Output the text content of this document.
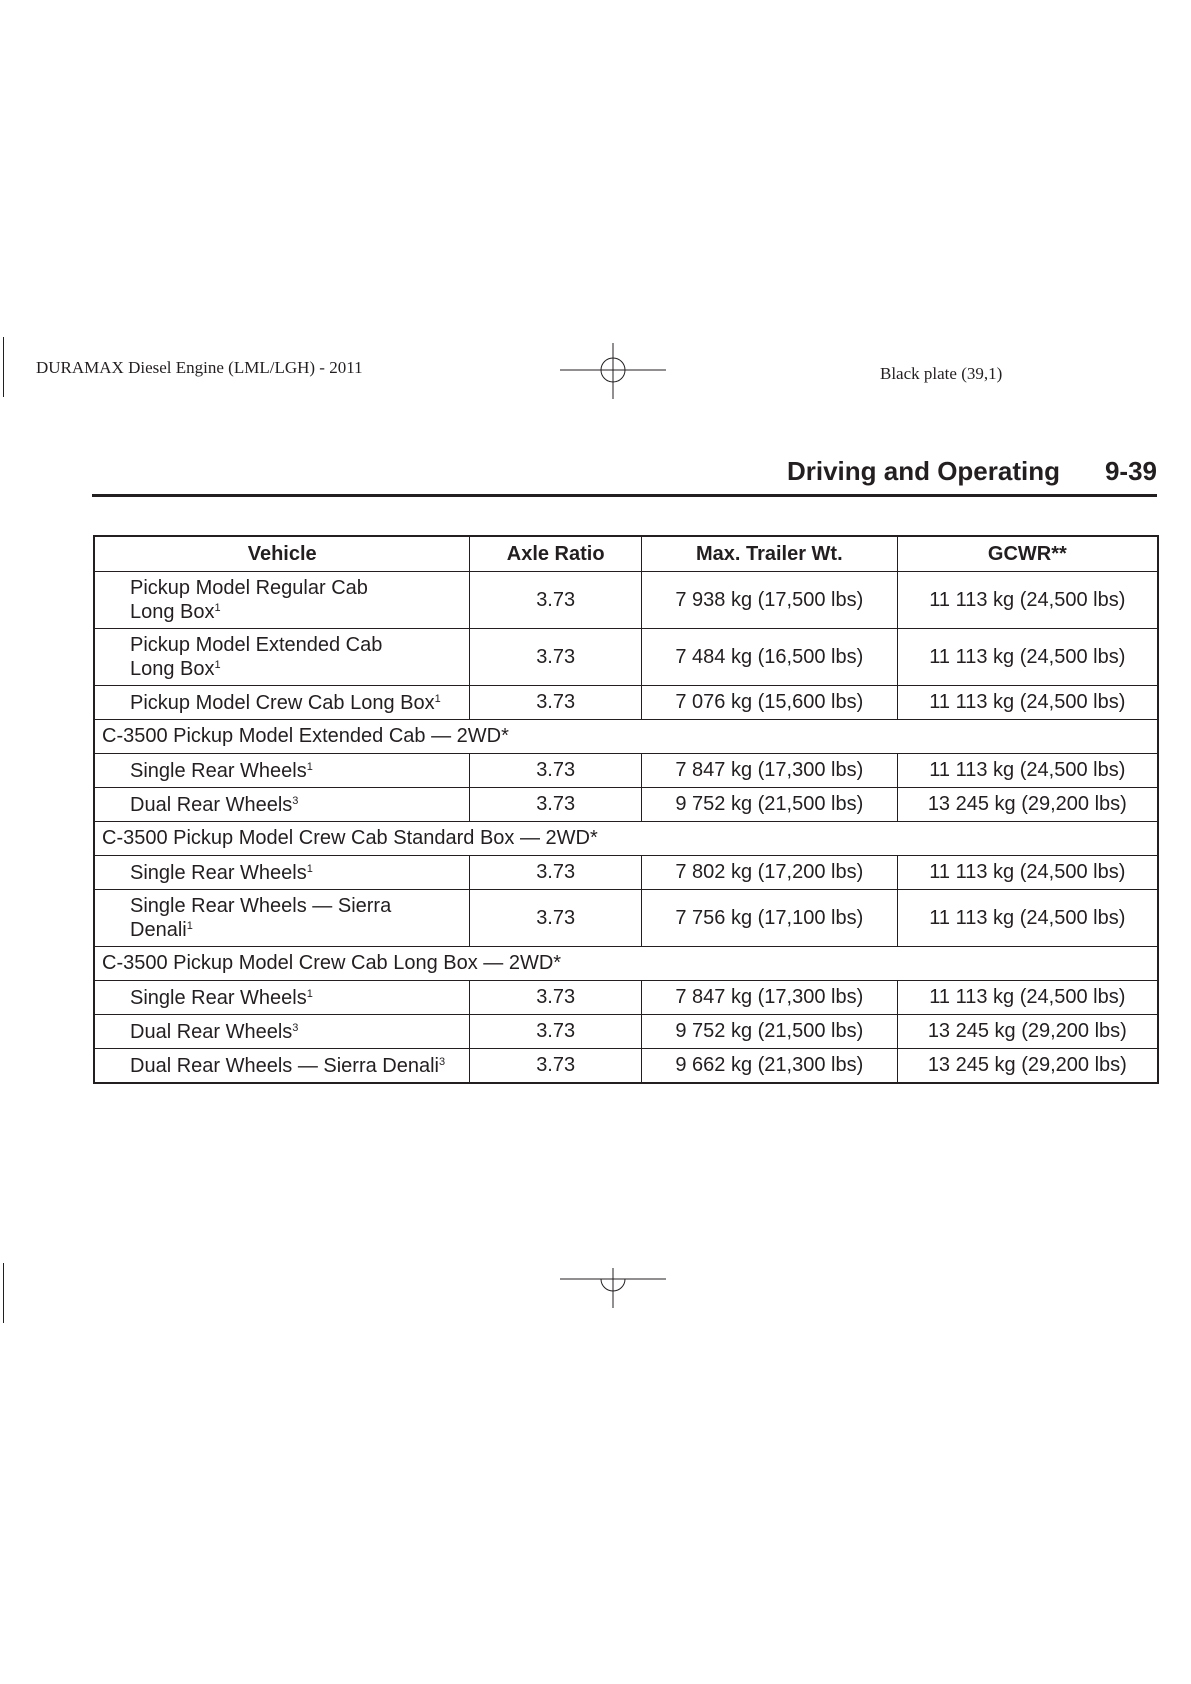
DURAMAX Diesel Engine (LML/LGH) - 2011	Black plate (39,1)
Driving and Operating 9-39
Vehicle	Axle Ratio	Max. Trailer Wt.	GCWR**
Pickup Model Regular Cab
Long Box$^1$	3.73	7 938 kg (17,500 lbs)	11 113 kg (24,500 lbs)
Pickup Model Extended Cab
Long Box$^1$	3.73	7 484 kg (16,500 lbs)	11 113 kg (24,500 lbs)
Pickup Model Crew Cab Long Box$^1$	3.73	7 076 kg (15,600 lbs)	11 113 kg (24,500 lbs)
C-3500 Pickup Model Extended Cab — 2WD*			
Single Rear Wheels$^1$	3.73	7 847 kg (17,300 lbs)	11 113 kg (24,500 lbs)
Dual Rear Wheels$^3$	3.73	9 752 kg (21,500 lbs)	13 245 kg (29,200 lbs)
C-3500 Pickup Model Crew Cab Standard Box — 2WD*			
Single Rear Wheels$^1$	3.73	7 802 kg (17,200 lbs)	11 113 kg (24,500 lbs)
Single Rear Wheels — Sierra
Denali$^1$	3.73	7 756 kg (17,100 lbs)	11 113 kg (24,500 lbs)
C-3500 Pickup Model Crew Cab Long Box — 2WD*			
Single Rear Wheels$^1$	3.73	7 847 kg (17,300 lbs)	11 113 kg (24,500 lbs)
Dual Rear Wheels$^3$	3.73	9 752 kg (21,500 lbs)	13 245 kg (29,200 lbs)
Dual Rear Wheels — Sierra Denali$^3$	3.73	9 662 kg (21,300 lbs)	13 245 kg (29,200 lbs)
